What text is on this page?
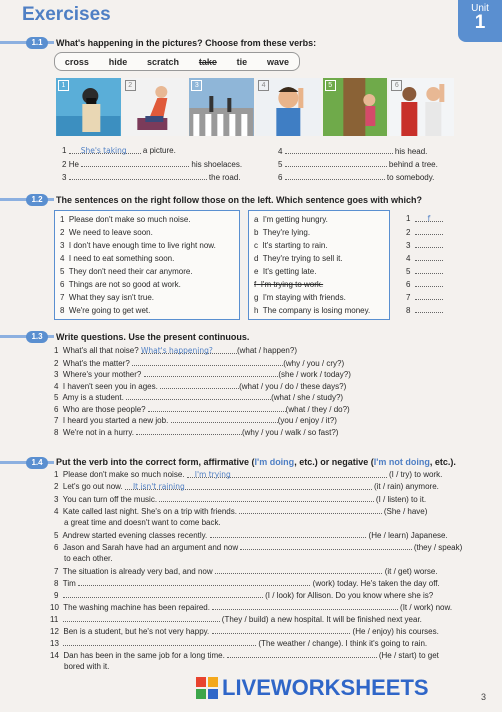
Exercises	Unit
1
1.1	What's happening in the pictures? Choose from these verbs:
cross hide scratch take tie wave
1	2	3	4	5	6
1 She's taking a picture.
2 He	his shoelaces.
3	the road.
4	his head.
5	behind a tree.
6	to somebody.
1.2	The sentences on the right follow those on the left. Which sentence goes with which?
1 Please don't make so much noise.
2 We need to leave soon.
3 I don't have enough time to live right now.
4 I need to eat something soon.
5 They don't need their car anymore.
6 Things are not so good at work.
7 What they say isn't true.
8 We're going to get wet.
a I'm getting hungry.
b They're lying.
c It's starting to rain.
d They're trying to sell it.
e It's getting late.
f I'm trying to work.
g I'm staying with friends.
h The company is losing money.
1 f
2
3
4
5
6
7
8
1.3	Write questions. Use the present continuous.
1 What's all that noise? What's happening?	(what / happen?)
2 What's the matter?	(why / you / cry?)
3 Where's your mother?	(she / work / today?)
4 I haven't seen you in ages.	(what / you / do / these days?)
5 Amy is a student.	(what / she / study?)
6 Who are those people?	(what / they / do?)
7 I heard you started a new job.	(you / enjoy / it?)
8 We're not in a hurry.	(why / you / walk / so fast?)
1.4	Put the verb into the correct form, affirmative (I'm doing, etc.) or negative (I'm not doing, etc.).
1 Please don't make so much noise. I'm trying	(I / try) to work.
2 Let's go out now. It isn't raining	(it / rain) anymore.
3 You can turn off the music.	(I / listen) to it.
4 Kate called last night. She's on a trip with friends.	(She / have)
a great time and doesn't want to come back.
5 Andrew started evening classes recently.	(He / learn) Japanese.
6 Jason and Sarah have had an argument and now	(they / speak)
to each other.
7 The situation is already very bad, and now	(it / get) worse.
8 Tim	(work) today. He's taken the day off.
9	(I / look) for Allison. Do you know where she is?
10 The washing machine has been repaired.	(It / work) now.
11	(They / build) a new hospital. It will be finished next year.
12 Ben is a student, but he's not very happy.	(He / enjoy) his courses.
13	(The weather / change). I think it's going to rain.
14 Dan has been in the same job for a long time.	(He / start) to get
bored with it.
LIVEWORKSHEETS	3
